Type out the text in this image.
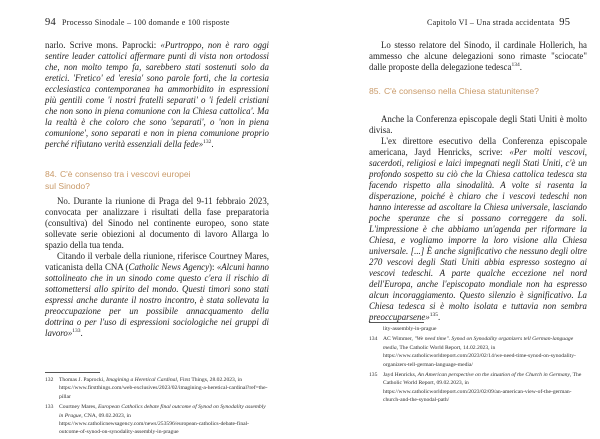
94 Processo Sinodale – 100 domande e 100 risposte

narlo. Scrive mons. Paprocki: «Purtroppo, non è raro oggi sentire leader cattolici affermare punti di vista non ortodossi che, non molto tempo fa, sarebbero stati sostenuti solo da eretici. 'Fretico' ed 'eresia' sono parole forti, che la cortesia ecclesiastica contemporanea ha ammorbidito in espressioni più gentili come 'i nostri fratelli separati' o 'i fedeli cristiani che non sono in piena comunione con la Chiesa cattolica'. Ma la realtà è che coloro che sono 'separati', o 'non in piena comunione', sono separati e non in piena comunione proprio perché rifiutano verità essenziali della fede»$^{132}$.

84. C'è consenso tra i vescovi europei sul Sinodo?

No. Durante la riunione di Praga del 9-11 febbraio 2023, convocata per analizzare i risultati della fase preparatoria (consultiva) del Sinodo nel continente europeo, sono state sollevate serie obiezioni al documento di lavoro Allarga lo spazio della tua tenda.

Citando il verbale della riunione, riferisce Courtney Mares, vaticanista della CNA (Catholic News Agency): «Alcuni hanno sottolineato che in un sinodo come questo c'era il rischio di sottomettersi allo spirito del mondo. Questi timori sono stati espressi anche durante il nostro incontro, è stata sollevata la preoccupazione per un possibile annacquamento della dottrina o per l'uso di espressioni sociologiche nei gruppi di lavoro»$^{133}$.

132	Thomas J. Paprocki, Imagining a Heretical Cardinal, First Things, 28.02.2023, in https://www.firstthings.com/web-exclusives/2023/02/imagining-a-heretical-cardinal?ref=the-pillar
133	Courtney Mares, European Catholics debate final outcome of Synod on Synodality assembly in Prague, CNA, 09.02.2023, in https://www.catholicnewsagency.com/news/253596/european-catholics-debate-final-outcome-of-synod-on-synodality-assembly-in-prague
Capitolo VI – Una strada accidentata 95

Lo stesso relatore del Sinodo, il cardinale Hollerich, ha ammesso che alcune delegazioni sono rimaste "sciocate" dalle proposte della delegazione tedesca$^{134}$.

85. C'è consenso nella Chiesa statunitense?

Anche la Conferenza episcopale degli Stati Uniti è molto divisa.

L'ex direttore esecutivo della Conferenza episcopale americana, Jayd Henricks, scrive: «Per molti vescovi, sacerdoti, religiosi e laici impegnati negli Stati Uniti, c'è un profondo sospetto su ciò che la Chiesa cattolica tedesca sta facendo rispetto alla sinodalità. A volte si rasenta la disperazione, poiché è chiaro che i vescovi tedeschi non hanno interesse ad ascoltare la Chiesa universale, lasciando poche speranze che si possano correggere da soli. L'impressione è che abbiamo un'agenda per riformare la Chiesa, e vogliamo imporre la loro visione alla Chiesa universale. [...] È anche significativo che nessuno degli oltre 270 vescovi degli Stati Uniti abbia espresso sostegno ai vescovi tedeschi. A parte qualche eccezione nel nord dell'Europa, anche l'episcopato mondiale non ha espresso alcun incoraggiamento. Questo silenzio è significativo. La Chiesa tedesca si è molto isolata e tuttavia non sembra preoccuparsene»$^{135}$.

lity-assembly-in-prague
134	AC Wimmer, "We need time". Synod on Synodality organizers tell German-language media, The Catholic World Report, 14.02.2023, in https://www.catholicworldreport.com/2023/02/14/we-need-time-synod-on-synodality-organizers-tell-german-language-media/
135	Jayd Henricks, An American perspective on the situation of the Church in Germany, The Catholic World Report, 09.02.2023, in https://www.catholicworldreport.com/2023/02/09/an-american-view-of-the-german-church-and-the-synodal-path/
